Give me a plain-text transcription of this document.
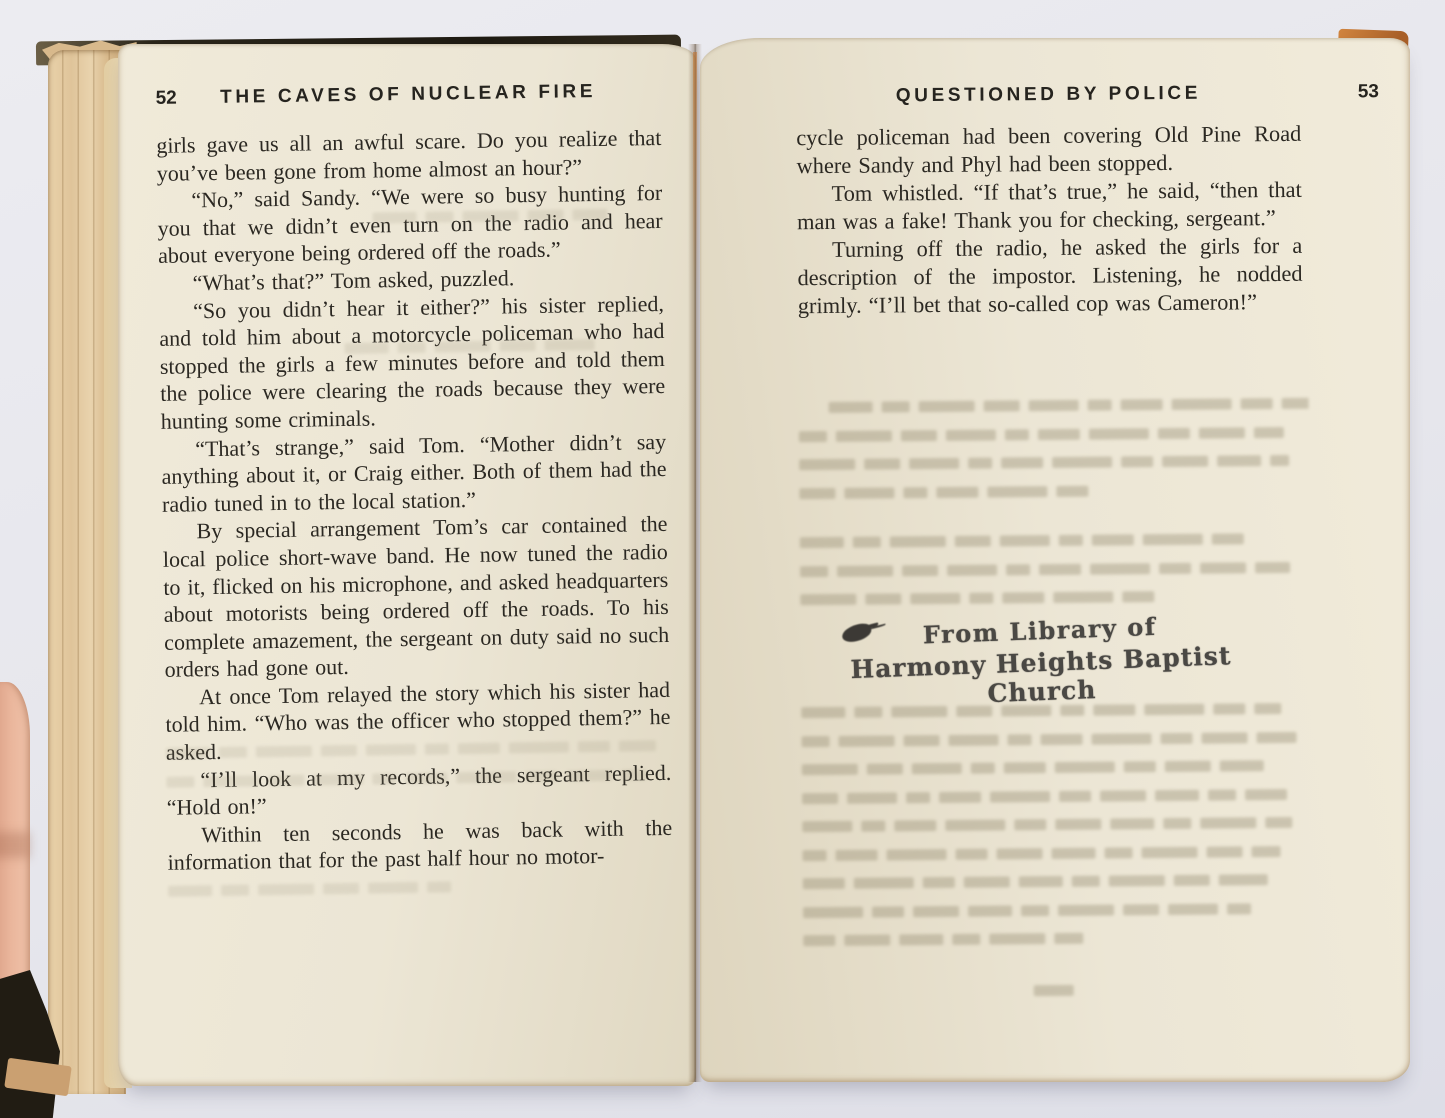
52 THE CAVES OF NUCLEAR FIRE

girls gave us all an awful scare. Do you realize that you’ve been gone from home almost an hour?”

“No,” said Sandy. “We were so busy hunting for you that we didn’t even turn on the radio and hear about everyone being ordered off the roads.”

“What’s that?” Tom asked, puzzled.

“So you didn’t hear it either?” his sister replied, and told him about a motorcycle policeman who had stopped the girls a few minutes before and told them the police were clearing the roads because they were hunting some criminals.

“That’s strange,” said Tom. “Mother didn’t say anything about it, or Craig either. Both of them had the radio tuned in to the local station.”

By special arrangement Tom’s car contained the local police short-wave band. He now tuned the radio to it, flicked on his microphone, and asked headquarters about motorists being ordered off the roads. To his complete amazement, the sergeant on duty said no such orders had gone out.

At once Tom relayed the story which his sister had told him. “Who was the officer who stopped them?” he asked.

“I’ll look at my records,” the sergeant replied. “Hold on!”

Within ten seconds he was back with the information that for the past half hour no motor-

QUESTIONED BY POLICE	53

cycle policeman had been covering Old Pine Road where Sandy and Phyl had been stopped.

Tom whistled. “If that’s true,” he said, “then that man was a fake! Thank you for checking, sergeant.”

Turning off the radio, he asked the girls for a description of the impostor. Listening, he nodded grimly. “I’ll bet that so-called cop was Cameron!”

From Library of
Harmony Heights Baptist Church
